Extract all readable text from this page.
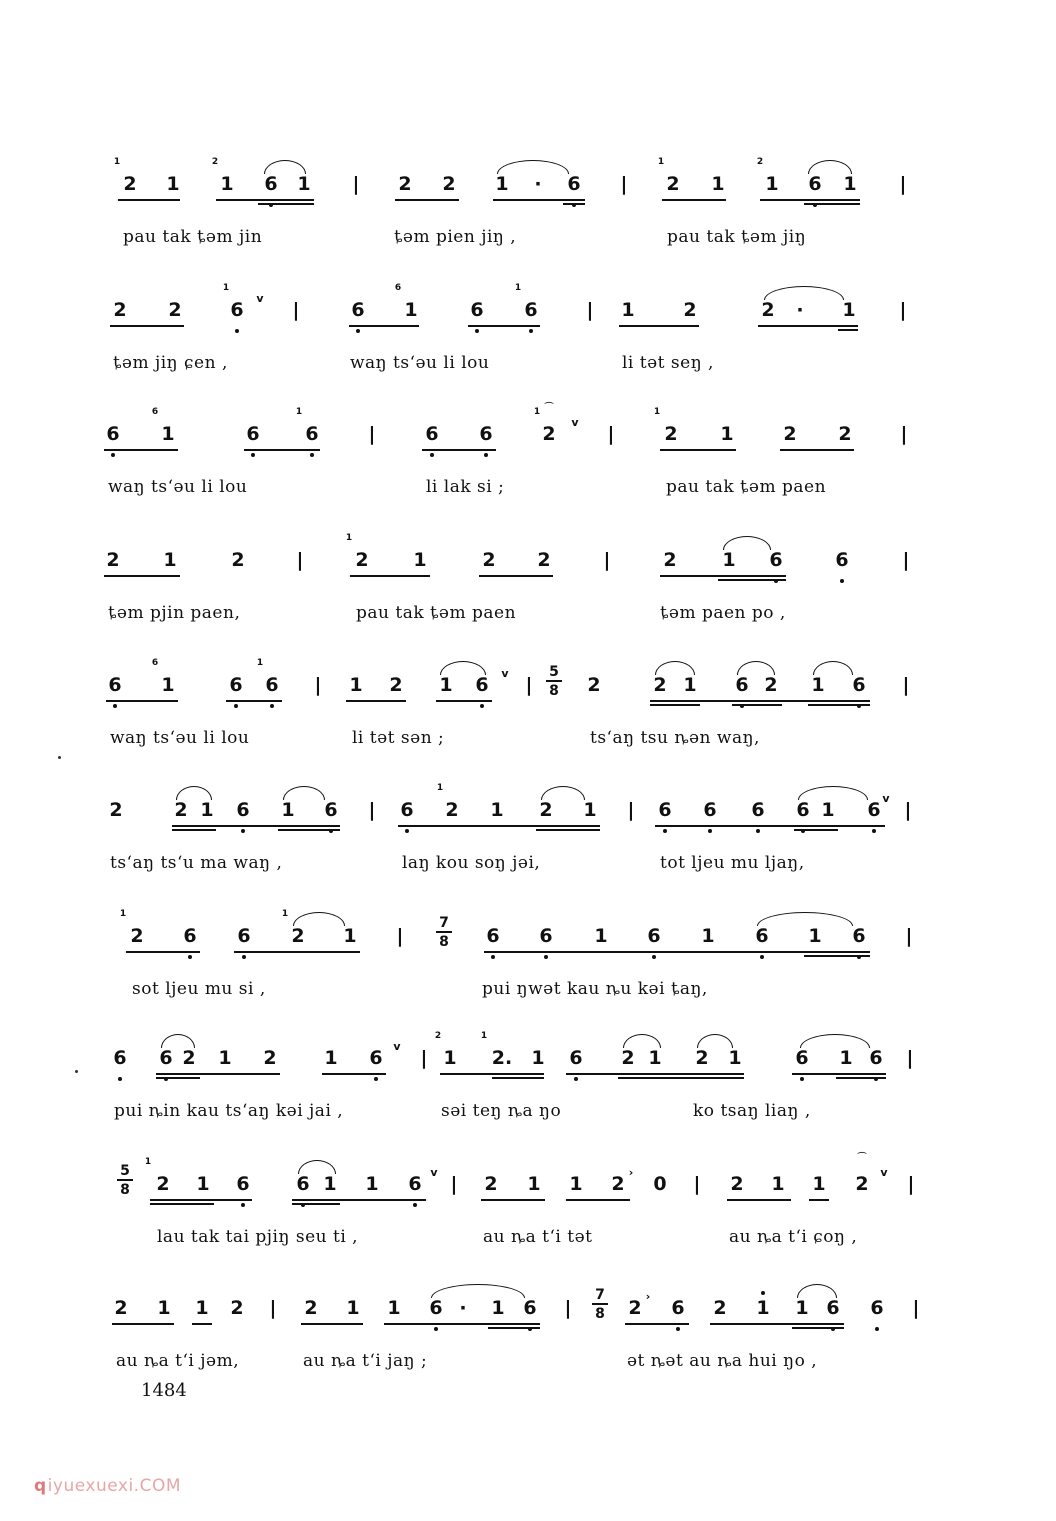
1
2 1
2
1 6 1 | 2 2 1 · 6 |
1
2 1
2
1 6 1 |
pau tak ȶəm jin	ȶəm pien jiŋ ,	pau tak ȶəm jiŋ
2 2
1
6
v
|	6
6
1	6
1
6	| 1	2	2 · 1 |
ȶəm jiŋ ɕen ,	waŋ tsʻəu li lou	li tət seŋ ,
6
6
1	6
1
6	|	6 6
1 ⌒
2
v
|
1
2 1	2 2	|
waŋ tsʻəu li lou	li lak si ;	pau tak ȶəm paen
2 1	2	|
1
2 1	2 2	|	2 1 6	6	|
ȶəm pjin paen,	pau tak ȶəm paen	ȶəm paen po ,
6
6
1	6
1
6 | 1 2 1 6
v
|
5
8 2	2 1 6 2 1 6 |
waŋ tsʻəu li lou	li tət sən ;	tsʻaŋ tsu ȵən waŋ,
2	2 1 6 1 6 | 6
1
2 1 2 1 | 6 6 6 6 1 6
v
|
tsʻaŋ tsʻu ma waŋ ,	laŋ kou soŋ jəi,	tot ljeu mu ljaŋ,
1
2 6 6
1
2 1 |
7
8 6 6 1 6 1 6 1 6 |
sot ljeu mu si ,	pui ŋwət kau ȵu kəi ȶaŋ,
6 6 2 1 2	1 6
v
|
2
1
1
2. 1 6 2 1 2 1	6 1 6 |
pui ȵin kau tsʻaŋ kəi jai ,	səi teŋ ȵa ŋo	ko tsaŋ liaŋ ,
5
8
1
2 1 6 6 1 1 6
v
| 2 1 1 2
›
0 | 2 1 1
⌒
2
v
|
lau tak tai pjiŋ seu ti ,	au ȵa tʻi tət	au ȵa tʻi ɕoŋ ,
2 1 1 2 | 2 1 1 6 · 1 6 |
7
8 2
›
6 2 1 1 6 6 |
au ȵa tʻi jəm,	au ȵa tʻi jaŋ ;	ət ȵət au ȵa hui ŋo ,
1484
qiyuexuexi.COM
